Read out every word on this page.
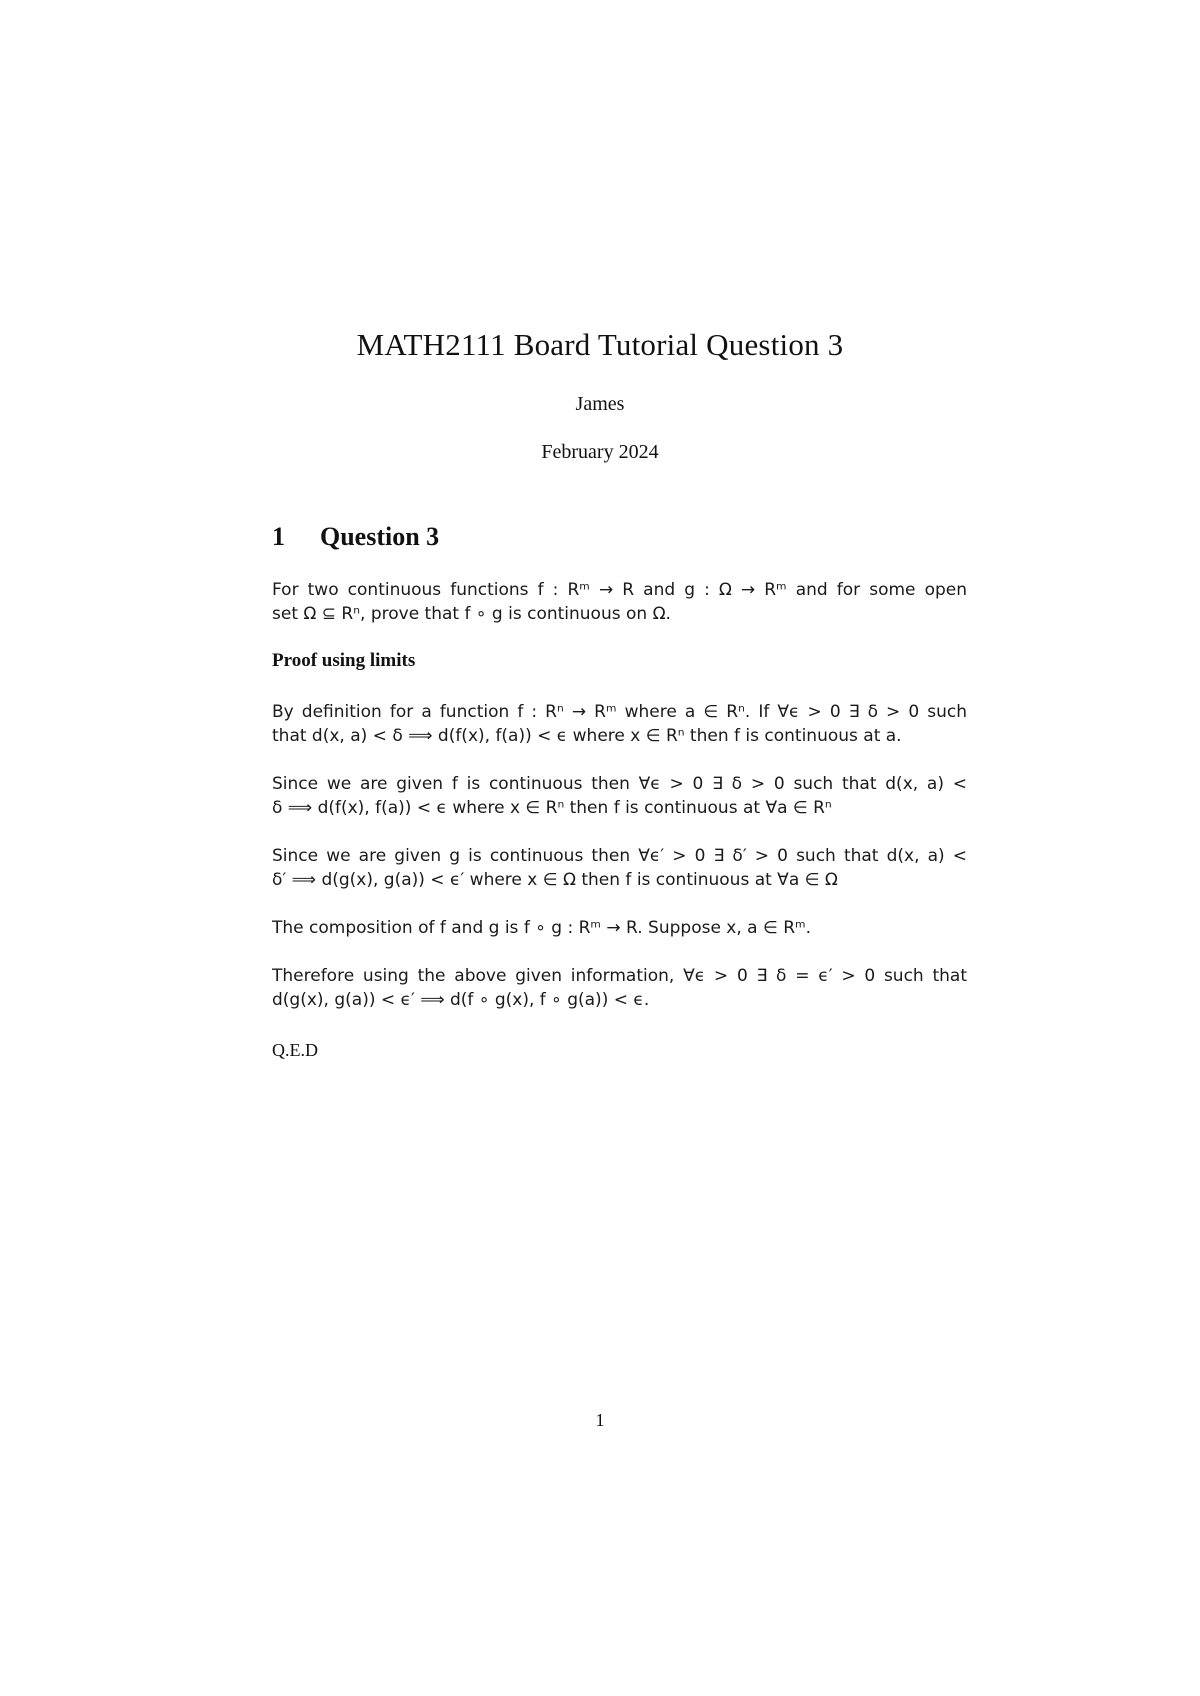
MATH2111 Board Tutorial Question 3
James
February 2024
1 Question 3
For two continuous functions f : Rᵐ → R and g : Ω → Rᵐ and for some open
set Ω ⊆ Rⁿ, prove that f ∘ g is continuous on Ω.
Proof using limits
By definition for a function f : Rⁿ → Rᵐ where a ∈ Rⁿ. If ∀ϵ > 0 ∃ δ > 0 such
that d(x, a) < δ ⟹ d(f(x), f(a)) < ϵ where x ∈ Rⁿ then f is continuous at a.
Since we are given f is continuous then ∀ϵ > 0 ∃ δ > 0 such that d(x, a) <
δ ⟹ d(f(x), f(a)) < ϵ where x ∈ Rⁿ then f is continuous at ∀a ∈ Rⁿ
Since we are given g is continuous then ∀ϵ′ > 0 ∃ δ′ > 0 such that d(x, a) <
δ′ ⟹ d(g(x), g(a)) < ϵ′ where x ∈ Ω then f is continuous at ∀a ∈ Ω
The composition of f and g is f ∘ g : Rᵐ → R. Suppose x, a ∈ Rᵐ.
Therefore using the above given information, ∀ϵ > 0 ∃ δ = ϵ′ > 0 such that
d(g(x), g(a)) < ϵ′ ⟹ d(f ∘ g(x), f ∘ g(a)) < ϵ.
Q.E.D
1
